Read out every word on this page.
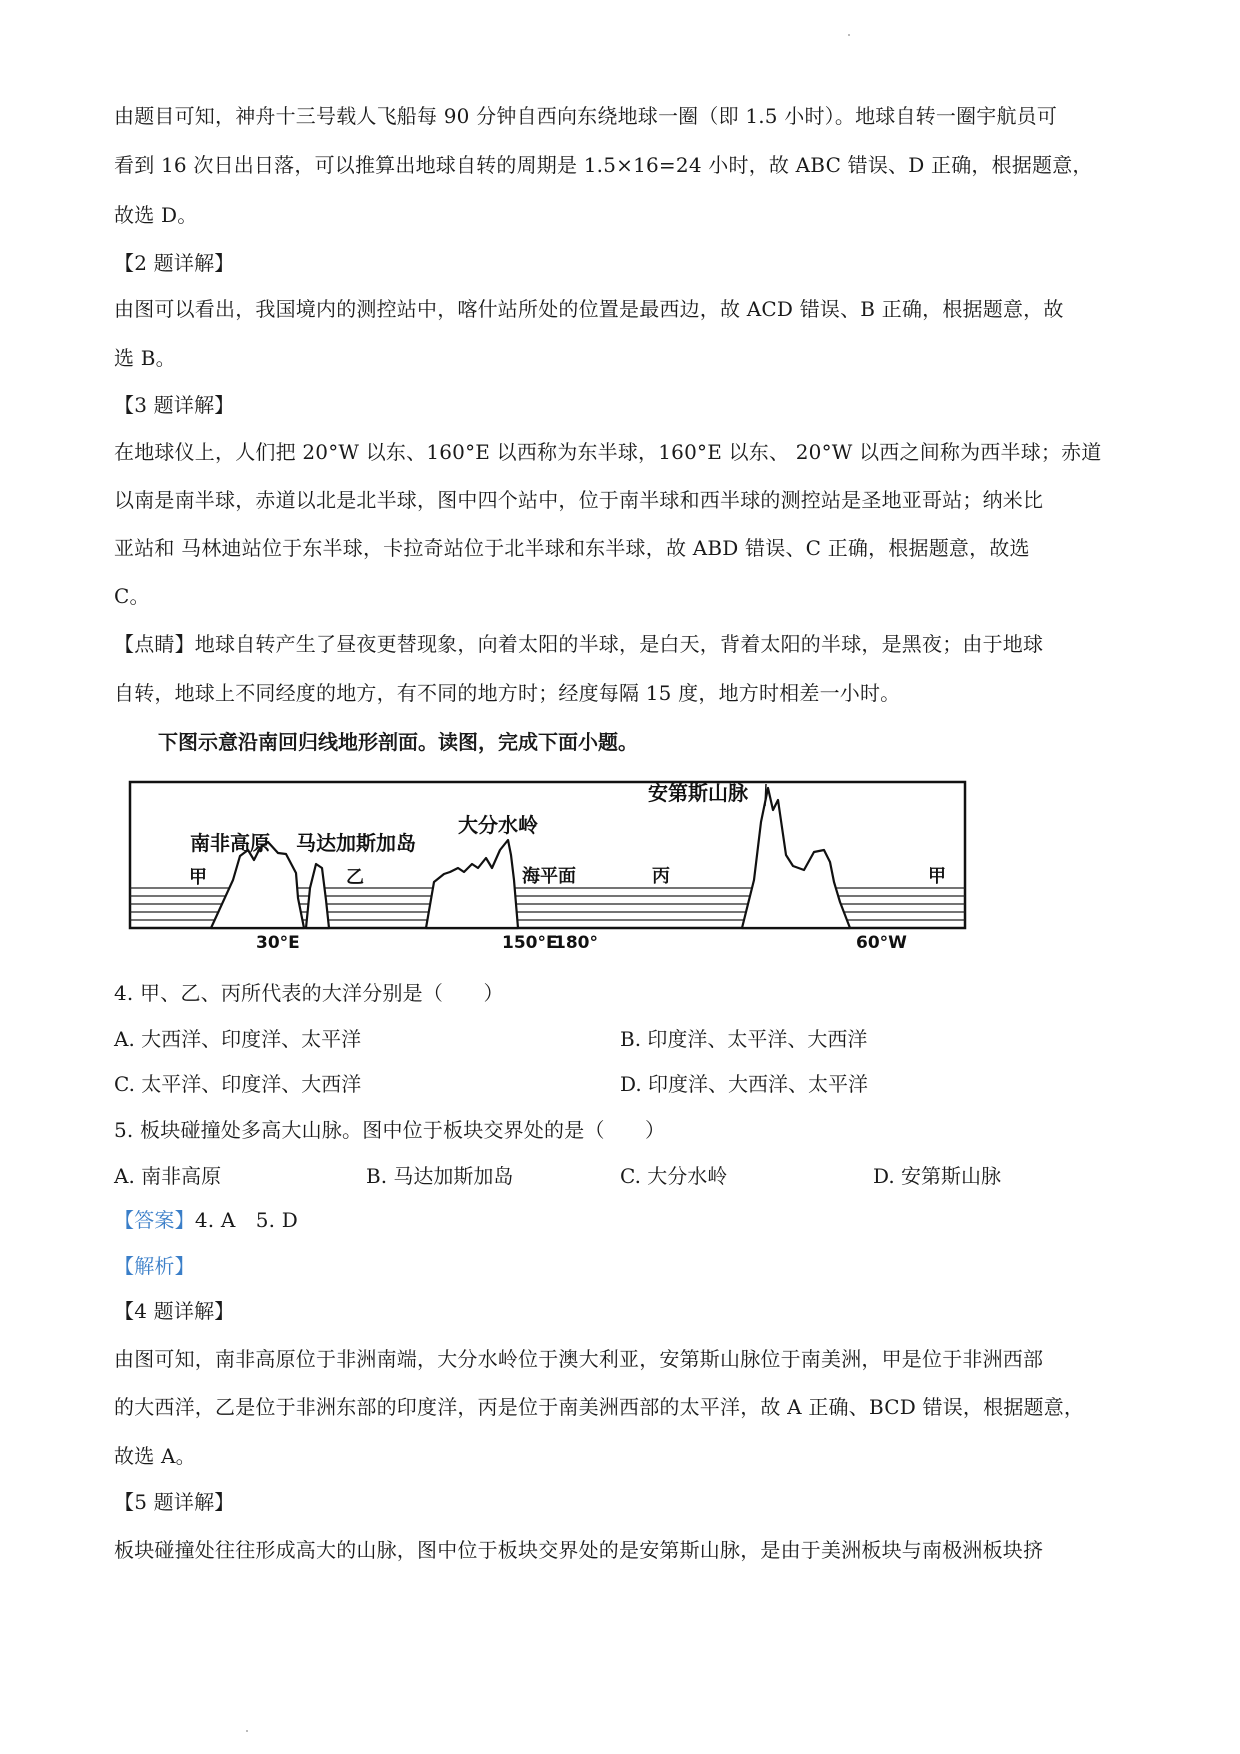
由题目可知，神舟十三号载人飞船每 90 分钟自西向东绕地球一圈（即 1.5 小时）。地球自转一圈宇航员可
看到 16 次日出日落，可以推算出地球自转的周期是 1.5×16=24 小时，故 ABC 错误、D 正确，根据题意，
故选 D。
【2 题详解】
由图可以看出，我国境内的测控站中，喀什站所处的位置是最西边，故 ACD 错误、B 正确，根据题意，故
选 B。
【3 题详解】
在地球仪上，人们把 20°W 以东、160°E 以西称为东半球，160°E 以东、 20°W 以西之间称为西半球；赤道
以南是南半球，赤道以北是北半球，图中四个站中，位于南半球和西半球的测控站是圣地亚哥站；纳米比
亚站和 马林迪站位于东半球，卡拉奇站位于北半球和东半球，故 ABD 错误、C 正确，根据题意，故选
C。
【点睛】地球自转产生了昼夜更替现象，向着太阳的半球，是白天，背着太阳的半球，是黑夜；由于地球
自转，地球上不同经度的地方，有不同的地方时；经度每隔 15 度，地方时相差一小时。
下图示意沿南回归线地形剖面。读图，完成下面小题。
甲
南非高原 马达加斯加岛
乙
大分水岭
海平面	丙
安第斯山脉
甲
30°E	150°E
180°	60°W
4. 甲、乙、丙所代表的大洋分别是（　　）
A. 大西洋、印度洋、太平洋	B. 印度洋、太平洋、大西洋
C. 太平洋、印度洋、大西洋	D. 印度洋、大西洋、太平洋
5. 板块碰撞处多高大山脉。图中位于板块交界处的是（　　）
A. 南非高原	B. 马达加斯加岛	C. 大分水岭	D. 安第斯山脉
【答案】4. A　5. D
【解析】
【4 题详解】
由图可知，南非高原位于非洲南端，大分水岭位于澳大利亚，安第斯山脉位于南美洲，甲是位于非洲西部
的大西洋，乙是位于非洲东部的印度洋，丙是位于南美洲西部的太平洋，故 A 正确、BCD 错误，根据题意，
故选 A。
【5 题详解】
板块碰撞处往往形成高大的山脉，图中位于板块交界处的是安第斯山脉，是由于美洲板块与南极洲板块挤
